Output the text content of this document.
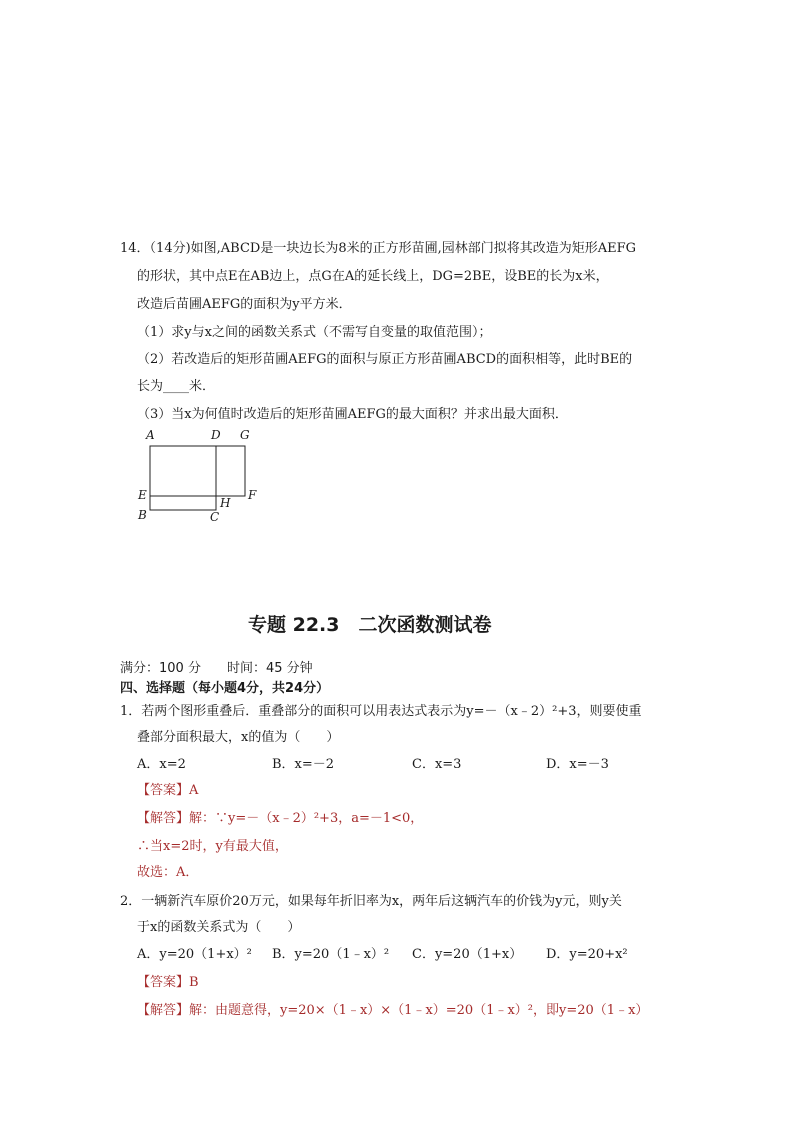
14．（14分)如图,ABCD是一块边长为8米的正方形苗圃,园林部门拟将其改造为矩形AEFG
的形状，其中点E在AB边上，点G在A的延长线上，DG=2BE，设BE的长为x米，
改造后苗圃AEFG的面积为y平方米．
（1）求y与x之间的函数关系式（不需写自变量的取值范围）；
（2）若改造后的矩形苗圃AEFG的面积与原正方形苗圃ABCD的面积相等，此时BE的
长为____米．
（3）当x为何值时改造后的矩形苗圃AEFG的最大面积？并求出最大面积．
A	D G
E
H
F
B	C
专题 22.3　二次函数测试卷
满分：100 分　　时间：45 分钟
四、选择题（每小题4分，共24分）
1．若两个图形重叠后．重叠部分的面积可以用表达式表示为y=－（x﹣2）²+3，则要使重
叠部分面积最大，x的值为（　　）
A．x=2	B．x=－2	C．x=3	D．x=－3
【答案】A
【解答】解：∵y=－（x﹣2）²+3，a=－1<0，
∴当x=2时，y有最大值，
故选：A．
2．一辆新汽车原价20万元，如果每年折旧率为x，两年后这辆汽车的价钱为y元，则y关
于x的函数关系式为（　　）
A．y=20（1+x）² B．y=20（1﹣x）² C．y=20（1+x） D．y=20+x²
【答案】B
【解答】解：由题意得，y=20×（1﹣x）×（1﹣x）=20（1﹣x）²，即y=20（1﹣x）
